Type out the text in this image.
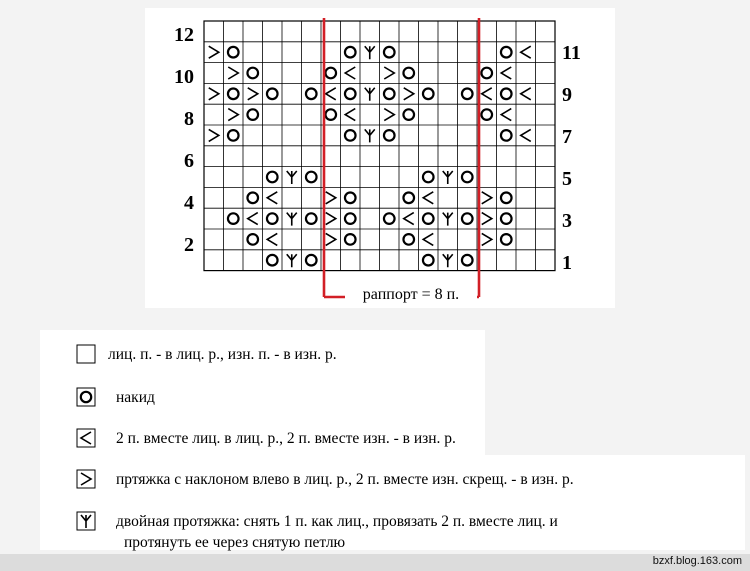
12
10
8
6
4
2
11
9
7
5
3
1
раппорт = 8 п.
лиц. п. - в лиц. р., изн. п. - в изн. р.
накид
2 п. вместе лиц. в лиц. р., 2 п. вместе изн. - в изн. р.
пртяжка с наклоном влево в лиц. р., 2 п. вместе изн. скрещ. - в изн. р.
двойная протяжка: снять 1 п. как лиц., провязать 2 п. вместе лиц. и
протянуть ее через снятую петлю
bzxf.blog.163.com
